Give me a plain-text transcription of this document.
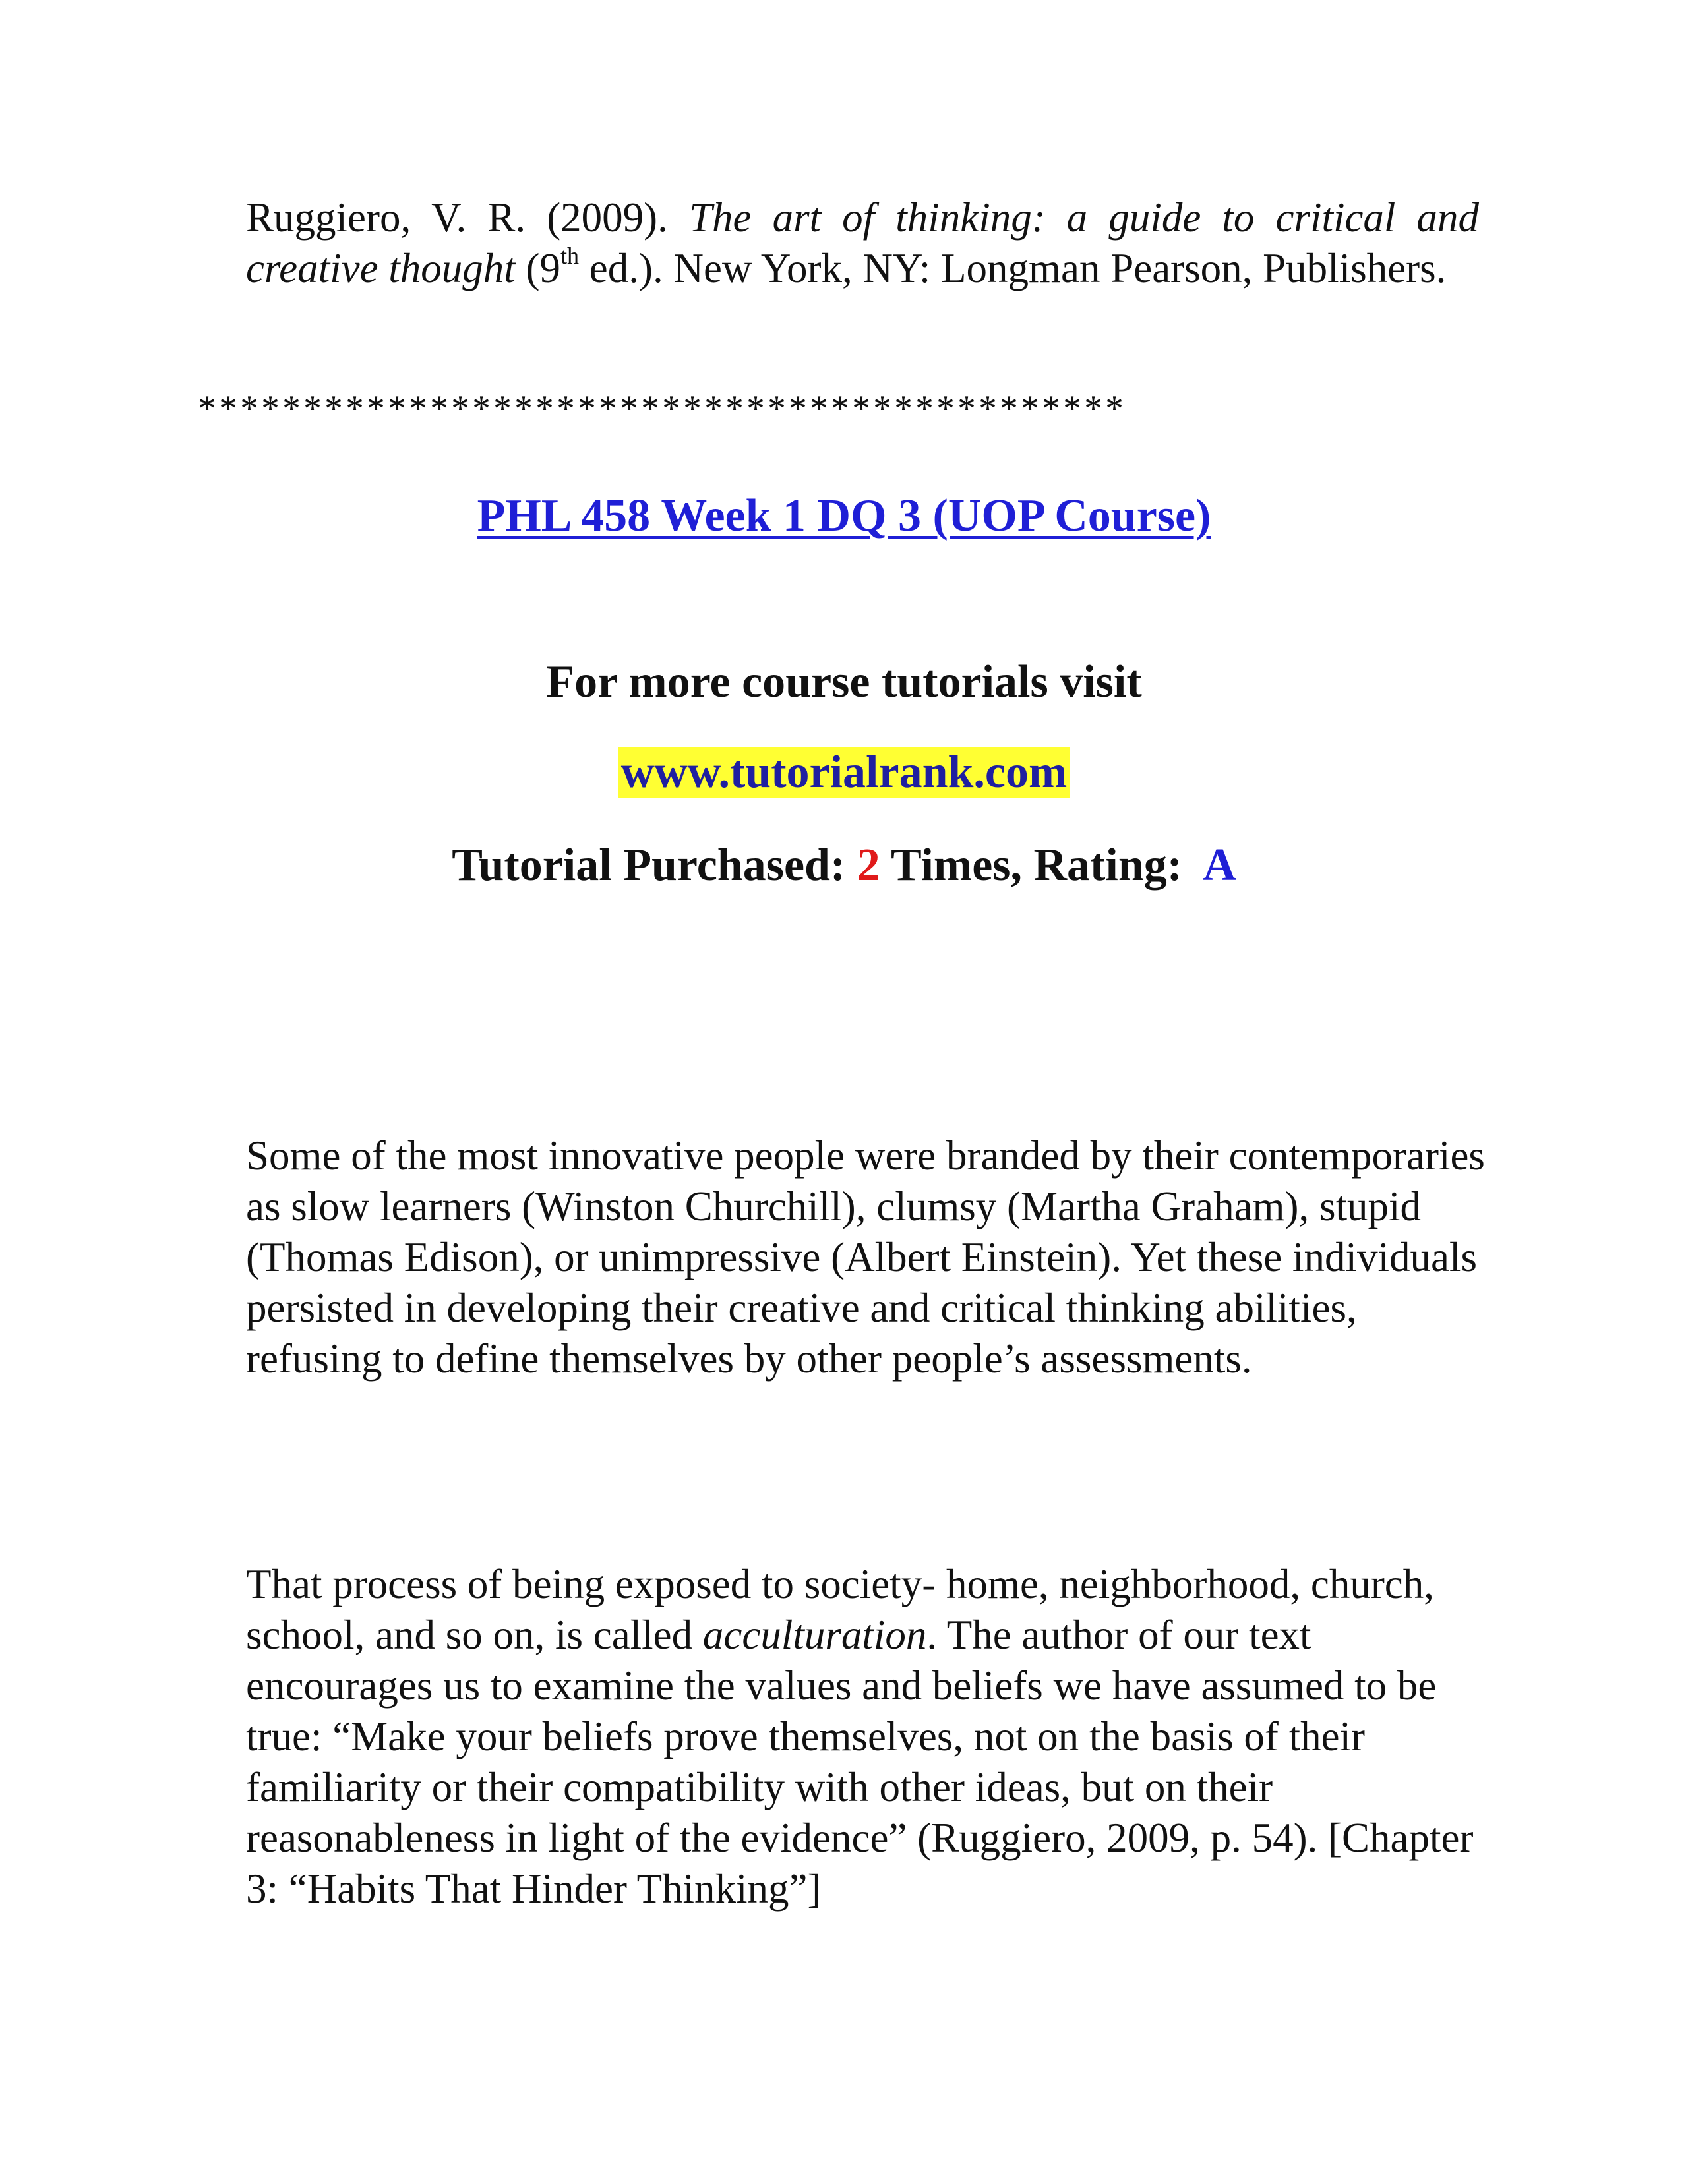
Ruggiero, V. R. (2009). The art of thinking: a guide to critical and creative thought (9th ed.). New York, NY: Longman Pearson, Publishers.
********************************************
PHL 458 Week 1 DQ 3 (UOP Course)
For more course tutorials visit
www.tutorialrank.com
Tutorial Purchased: 2 Times, Rating: A
Some of the most innovative people were branded by their contemporaries as slow learners (Winston Churchill), clumsy (Martha Graham), stupid (Thomas Edison), or unimpressive (Albert Einstein). Yet these individuals persisted in developing their creative and critical thinking abilities, refusing to define themselves by other people’s assessments.
That process of being exposed to society- home, neighborhood, church, school, and so on, is called acculturation. The author of our text encourages us to examine the values and beliefs we have assumed to be true: “Make your beliefs prove themselves, not on the basis of their familiarity or their compatibility with other ideas, but on their reasonableness in light of the evidence” (Ruggiero, 2009, p. 54). [Chapter 3: “Habits That Hinder Thinking”]
